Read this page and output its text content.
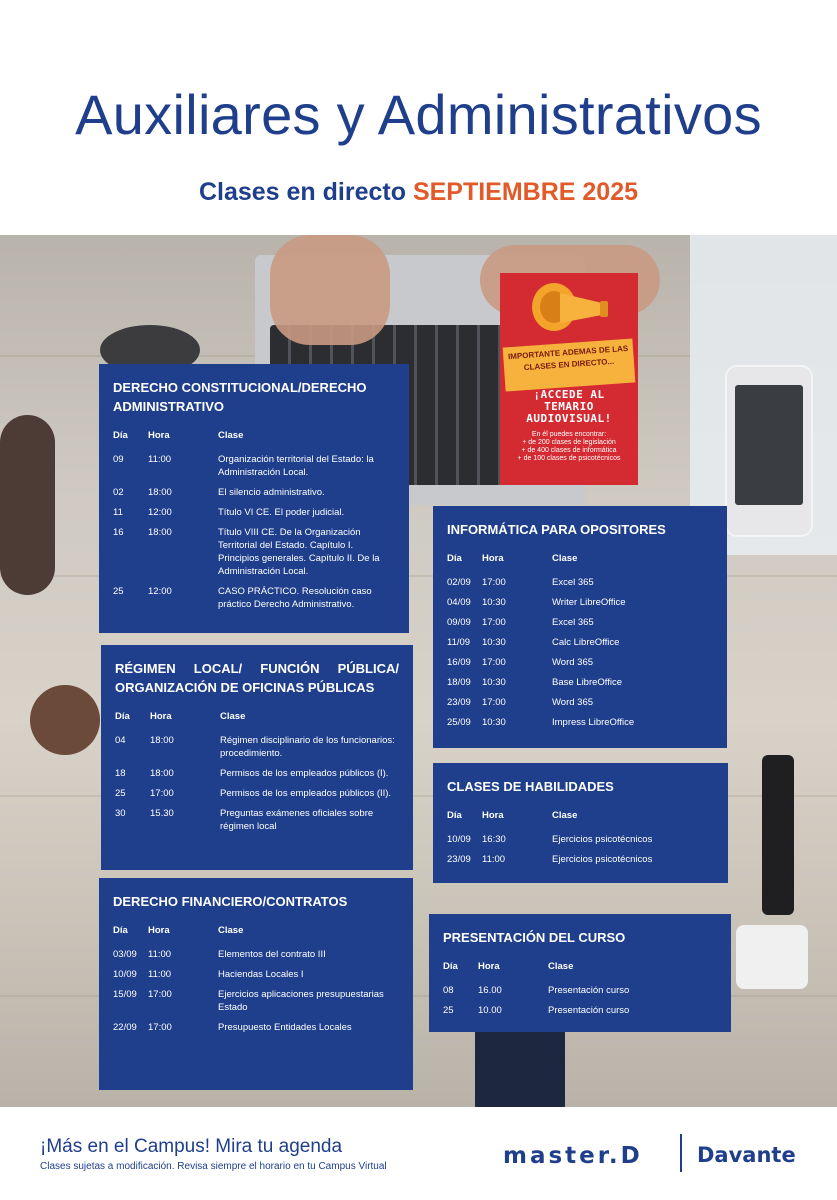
Auxiliares y Administrativos
Clases en directo SEPTIEMBRE 2025
IMPORTANTE ADEMAS DE LAS CLASES EN DIRECTO...
¡ACCEDE AL TEMARIO AUDIOVISUAL!
En él puedes encontrar:
+ de 200 clases de legislación
+ de 400 clases de informática
+ de 100 clases de psicotécnicos
DERECHO CONSTITUCIONAL/DERECHO ADMINISTRATIVO
Día	Hora	Clase
09	11:00	Organización territorial del Estado: la Administración Local.
02	18:00	El silencio administrativo.
11	12:00	Título VI CE. El poder judicial.
16	18:00	Título VIII CE. De la Organización Territorial del Estado. Capítulo I. Principios generales. Capítulo II. De la Administración Local.
25	12:00	CASO PRÁCTICO. Resolución caso práctico Derecho Administrativo.
RÉGIMEN LOCAL/ FUNCIÓN PÚBLICA/ ORGANIZACIÓN DE OFICINAS PÚBLICAS
Día	Hora	Clase
04	18:00	Régimen disciplinario de los funcionarios: procedimiento.
18	18:00	Permisos de los empleados públicos (I).
25	17:00	Permisos de los empleados públicos (II).
30	15.30	Preguntas exámenes oficiales sobre régimen local
DERECHO FINANCIERO/CONTRATOS
Día	Hora	Clase
03/09	11:00	Elementos del contrato III
10/09	11:00	Haciendas Locales I
15/09	17:00	Ejercicios aplicaciones presupuestarias Estado
22/09	17:00	Presupuesto Entidades Locales
INFORMÁTICA PARA OPOSITORES
Día	Hora	Clase
02/09	17:00	Excel 365
04/09	10:30	Writer LibreOffice
09/09	17:00	Excel 365
11/09	10:30	Calc LibreOffice
16/09	17:00	Word 365
18/09	10:30	Base LibreOffice
23/09	17:00	Word 365
25/09	10:30	Impress LibreOffice
CLASES DE HABILIDADES
Día	Hora	Clase
10/09	16:30	Ejercicios psicotécnicos
23/09	11:00	Ejercicios psicotécnicos
PRESENTACIÓN DEL CURSO
Día	Hora	Clase
08	16.00	Presentación curso
25	10.00	Presentación curso
¡Más en el Campus! Mira tu agenda
Clases sujetas a modificación. Revisa siempre el horario en tu Campus Virtual	master.D	Davante
